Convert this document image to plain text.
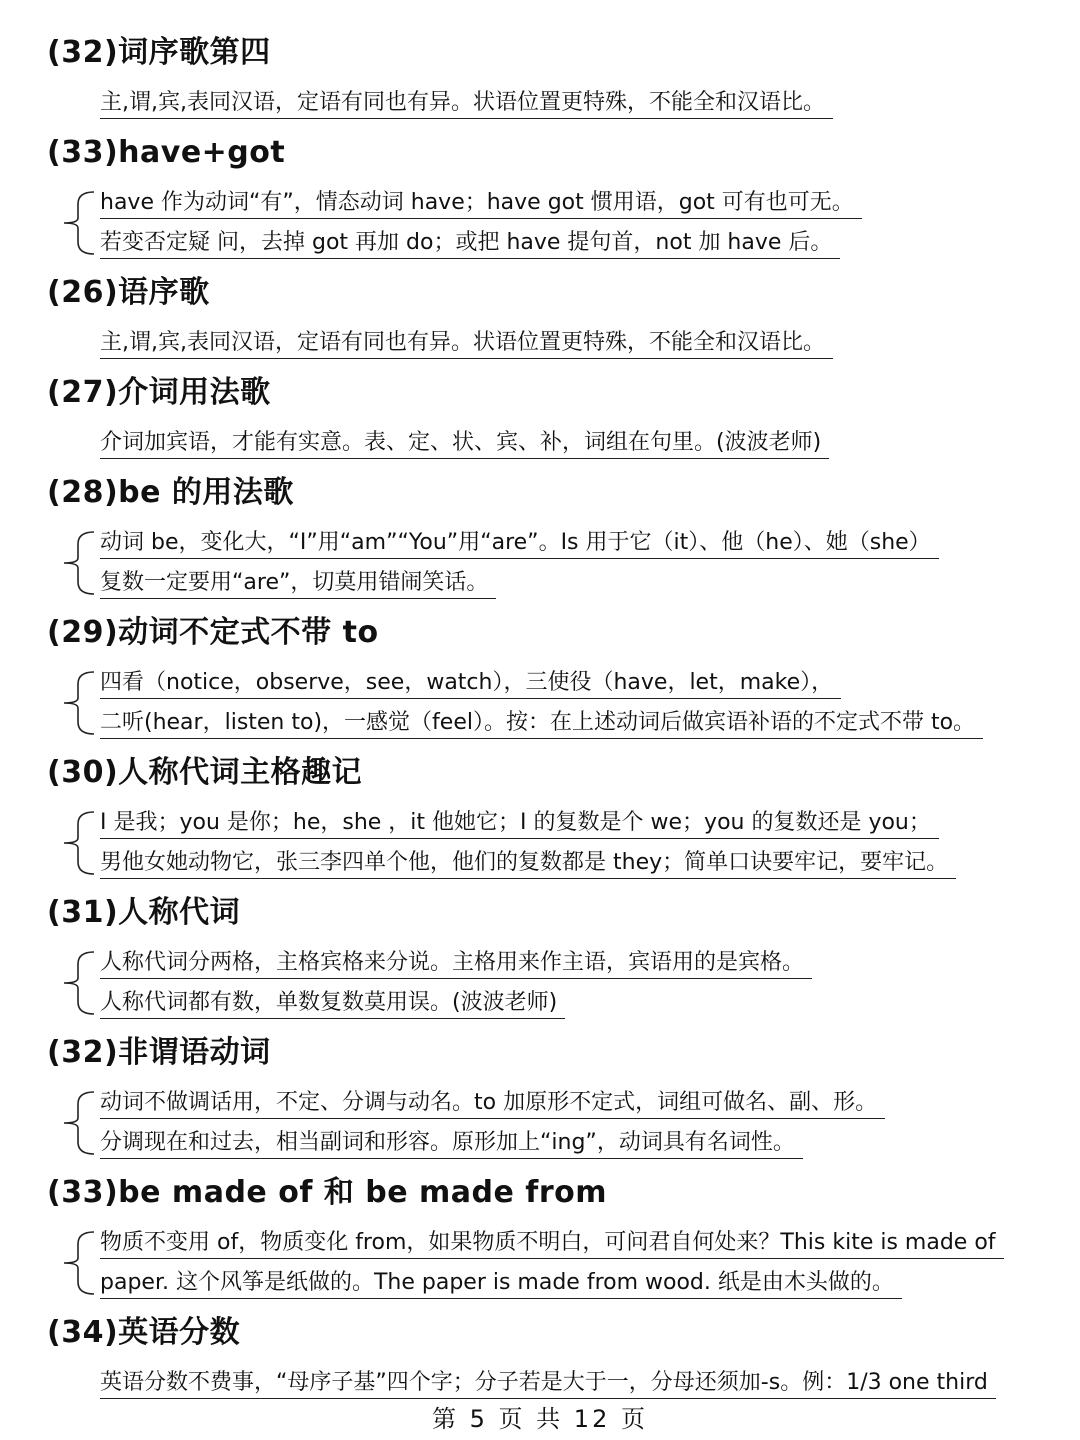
(32)词序歌第四
主,谓,宾,表同汉语，定语有同也有异。状语位置更特殊，不能全和汉语比。
(33)have+got
have 作为动词“有”，情态动词 have；have got 惯用语，got 可有也可无。
若变否定疑 问，去掉 got 再加 do；或把 have 提句首，not 加 have 后。
(26)语序歌
主,谓,宾,表同汉语，定语有同也有异。状语位置更特殊，不能全和汉语比。
(27)介词用法歌
介词加宾语，才能有实意。表、定、状、宾、补，词组在句里。(波波老师)
(28)be 的用法歌
动词 be，变化大，“I”用“am”“You”用“are”。Is 用于它（it）、他（he）、她（she）
复数一定要用“are”，切莫用错闹笑话。
(29)动词不定式不带 to
四看（notice，observe，see，watch），三使役（have，let，make），
二听(hear，listen to)，一感觉（feel）。按：在上述动词后做宾语补语的不定式不带 to。
(30)人称代词主格趣记
I 是我；you 是你；he，she ，it 他她它；I 的复数是个 we；you 的复数还是 you；
男他女她动物它，张三李四单个他，他们的复数都是 they；简单口诀要牢记，要牢记。
(31)人称代词
人称代词分两格，主格宾格来分说。主格用来作主语，宾语用的是宾格。
人称代词都有数，单数复数莫用误。(波波老师)
(32)非谓语动词
动词不做调话用，不定、分调与动名。to 加原形不定式，词组可做名、副、形。
分调现在和过去，相当副词和形容。原形加上“ing”，动词具有名词性。
(33)be made of 和 be made from
物质不变用 of，物质变化 from，如果物质不明白，可问君自何处来？This kite is made of
paper. 这个风筝是纸做的。The paper is made from wood. 纸是由木头做的。
(34)英语分数
英语分数不费事，“母序子基”四个字；分子若是大于一，分母还须加-s。例：1/3 one third
第 5 页 共 12 页
